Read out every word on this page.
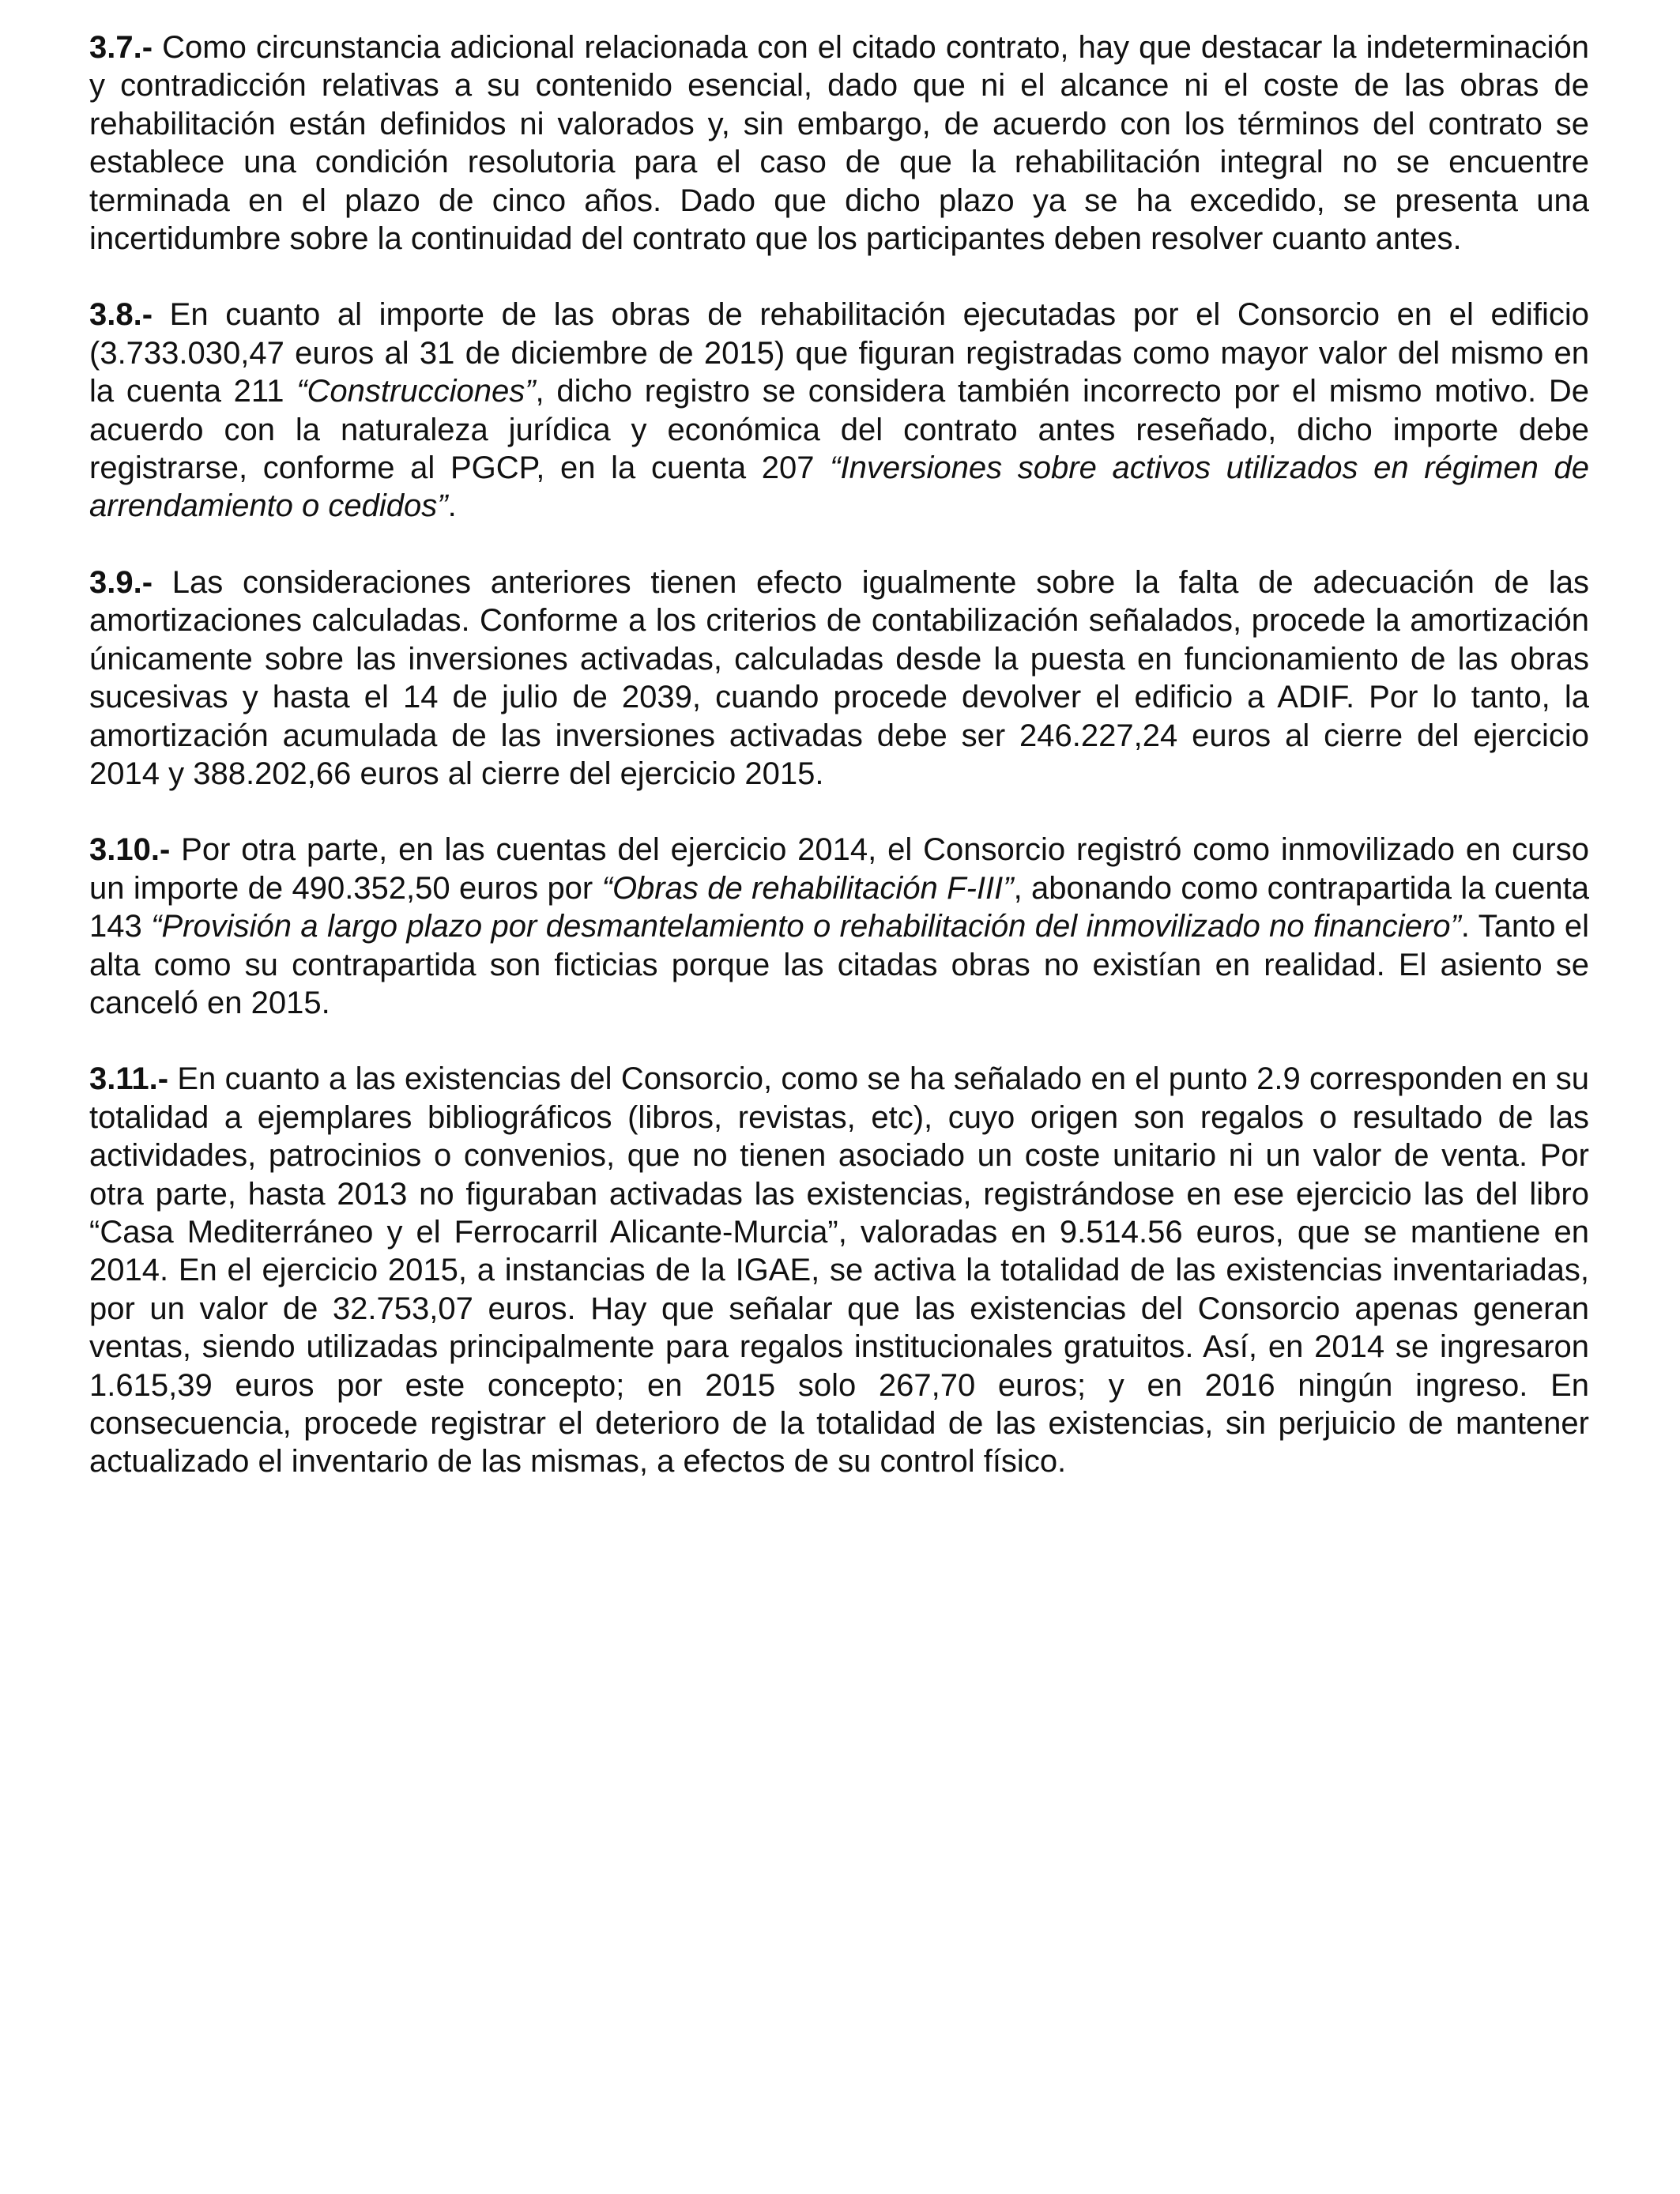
3.7.- Como circunstancia adicional relacionada con el citado contrato, hay que destacar la indeterminación y contradicción relativas a su contenido esencial, dado que ni el alcance ni el coste de las obras de rehabilitación están definidos ni valorados y, sin embargo, de acuerdo con los términos del contrato se establece una condición resolutoria para el caso de que la rehabilitación integral no se encuentre terminada en el plazo de cinco años. Dado que dicho plazo ya se ha excedido, se presenta una incertidumbre sobre la continuidad del contrato que los participantes deben resolver cuanto antes.

3.8.- En cuanto al importe de las obras de rehabilitación ejecutadas por el Consorcio en el edificio (3.733.030,47 euros al 31 de diciembre de 2015) que figuran registradas como mayor valor del mismo en la cuenta 211 “Construcciones”, dicho registro se considera también incorrecto por el mismo motivo. De acuerdo con la naturaleza jurídica y económica del contrato antes reseñado, dicho importe debe registrarse, conforme al PGCP, en la cuenta 207 “Inversiones sobre activos utilizados en régimen de arrendamiento o cedidos”.

3.9.- Las consideraciones anteriores tienen efecto igualmente sobre la falta de adecuación de las amortizaciones calculadas. Conforme a los criterios de contabilización señalados, procede la amortización únicamente sobre las inversiones activadas, calculadas desde la puesta en funcionamiento de las obras sucesivas y hasta el 14 de julio de 2039, cuando procede devolver el edificio a ADIF. Por lo tanto, la amortización acumulada de las inversiones activadas debe ser 246.227,24 euros al cierre del ejercicio 2014 y 388.202,66 euros al cierre del ejercicio 2015.

3.10.- Por otra parte, en las cuentas del ejercicio 2014, el Consorcio registró como inmovilizado en curso un importe de 490.352,50 euros por “Obras de rehabilitación F-III”, abonando como contrapartida la cuenta 143 “Provisión a largo plazo por desmantelamiento o rehabilitación del inmovilizado no financiero”. Tanto el alta como su contrapartida son ficticias porque las citadas obras no existían en realidad. El asiento se canceló en 2015.

3.11.- En cuanto a las existencias del Consorcio, como se ha señalado en el punto 2.9 corresponden en su totalidad a ejemplares bibliográficos (libros, revistas, etc), cuyo origen son regalos o resultado de las actividades, patrocinios o convenios, que no tienen asociado un coste unitario ni un valor de venta. Por otra parte, hasta 2013 no figuraban activadas las existencias, registrándose en ese ejercicio las del libro “Casa Mediterráneo y el Ferrocarril Alicante-Murcia”, valoradas en 9.514.56 euros, que se mantiene en 2014. En el ejercicio 2015, a instancias de la IGAE, se activa la totalidad de las existencias inventariadas, por un valor de 32.753,07 euros. Hay que señalar que las existencias del Consorcio apenas generan ventas, siendo utilizadas principalmente para regalos institucionales gratuitos. Así, en 2014 se ingresaron 1.615,39 euros por este concepto; en 2015 solo 267,70 euros; y en 2016 ningún ingreso. En consecuencia, procede registrar el deterioro de la totalidad de las existencias, sin perjuicio de mantener actualizado el inventario de las mismas, a efectos de su control físico.
